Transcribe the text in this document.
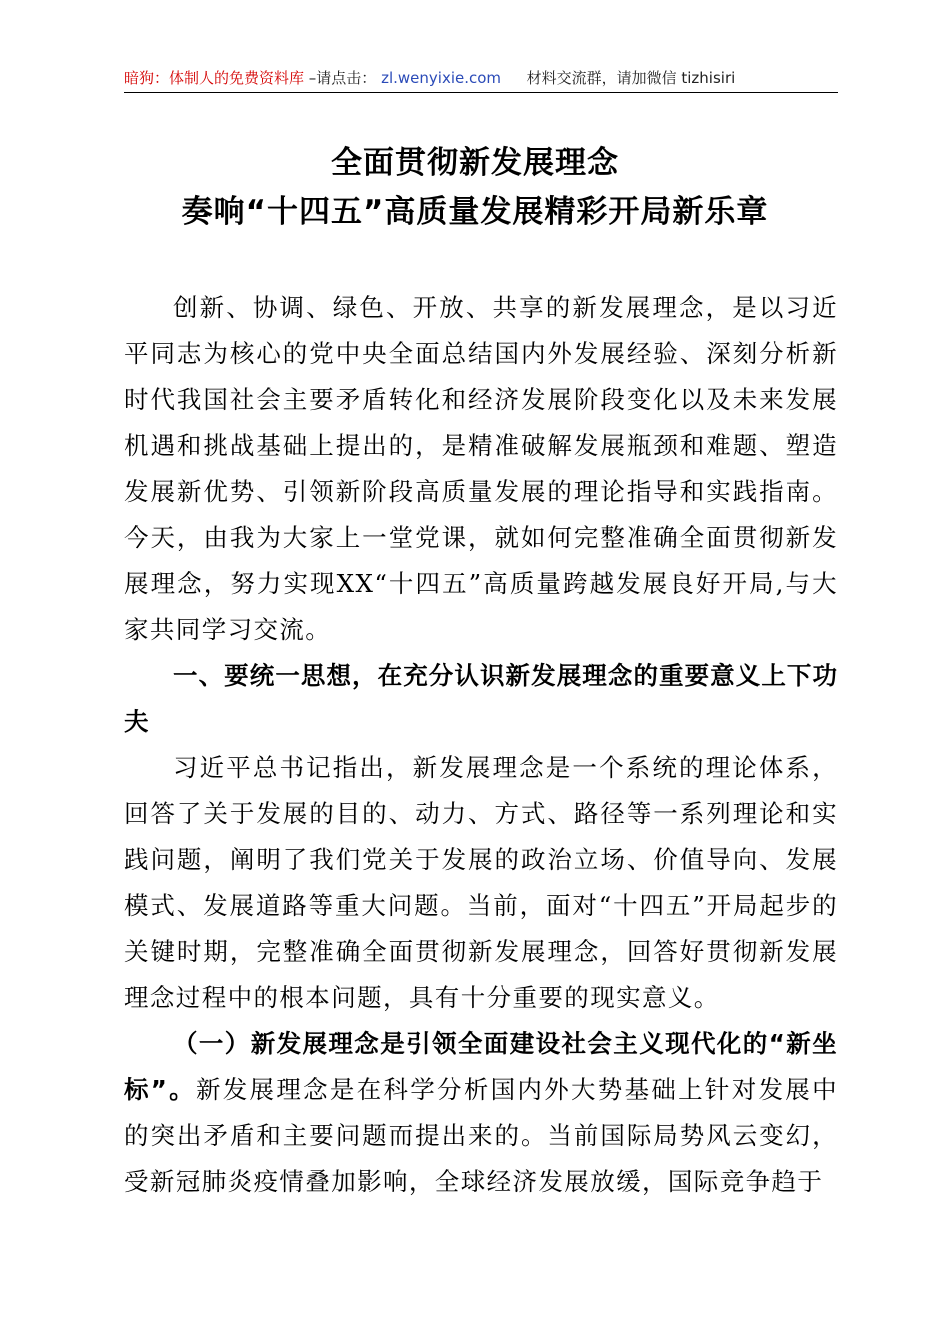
暗狗：体制人的免费资料库 –请点击： zl.wenyixie.com 材料交流群，请加微信 tizhisiri
全面贯彻新发展理念
奏响“十四五”高质量发展精彩开局新乐章

创新、协调、绿色、开放、共享的新发展理念，是以习近平同志为核心的党中央全面总结国内外发展经验、深刻分析新时代我国社会主要矛盾转化和经济发展阶段变化以及未来发展机遇和挑战基础上提出的，是精准破解发展瓶颈和难题、塑造发展新优势、引领新阶段高质量发展的理论指导和实践指南。今天，由我为大家上一堂党课，就如何完整准确全面贯彻新发展理念，努力实现XX“十四五”高质量跨越发展良好开局,与大家共同学习交流。

一、要统一思想，在充分认识新发展理念的重要意义上下功夫

习近平总书记指出，新发展理念是一个系统的理论体系，回答了关于发展的目的、动力、方式、路径等一系列理论和实践问题，阐明了我们党关于发展的政治立场、价值导向、发展模式、发展道路等重大问题。当前，面对“十四五”开局起步的关键时期，完整准确全面贯彻新发展理念，回答好贯彻新发展理念过程中的根本问题，具有十分重要的现实意义。

（一）新发展理念是引领全面建设社会主义现代化的“新坐标”。新发展理念是在科学分析国内外大势基础上针对发展中的突出矛盾和主要问题而提出来的。当前国际局势风云变幻，受新冠肺炎疫情叠加影响，全球经济发展放缓，国际竞争趋于
